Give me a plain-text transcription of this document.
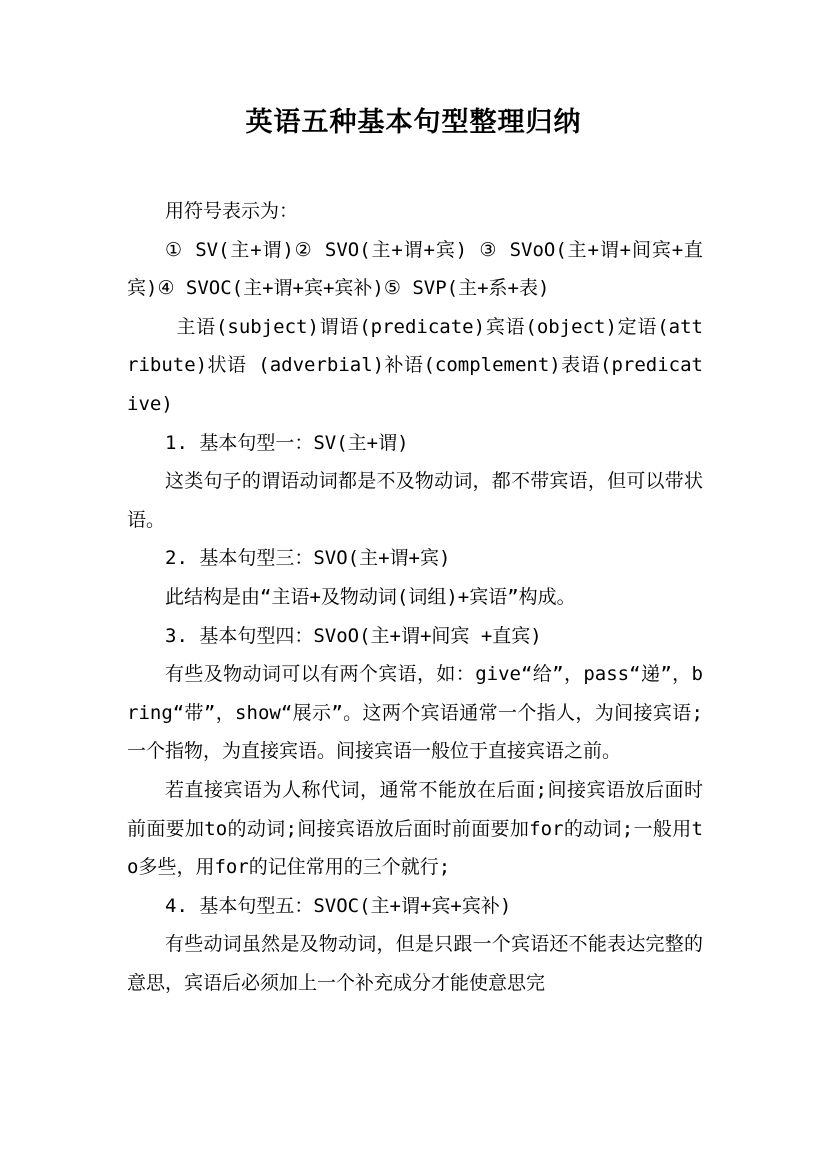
英语五种基本句型整理归纳

用符号表示为：

① SV(主+谓)② SVO(主+谓+宾) ③ SVoO(主+谓+间宾+直宾)④ SVOC(主+谓+宾+宾补)⑤ SVP(主+系+表)

主语(subject)谓语(predicate)宾语(object)定语(attribute)状语 (adverbial)补语(complement)表语(predicative)

1. 基本句型一：SV(主+谓)

这类句子的谓语动词都是不及物动词，都不带宾语，但可以带状语。

2. 基本句型三：SVO(主+谓+宾)

此结构是由“主语+及物动词(词组)+宾语”构成。

3. 基本句型四：SVoO(主+谓+间宾 +直宾)

有些及物动词可以有两个宾语，如：give“给”，pass“递”，bring“带”，show“展示”。这两个宾语通常一个指人，为间接宾语;一个指物，为直接宾语。间接宾语一般位于直接宾语之前。

若直接宾语为人称代词，通常不能放在后面;间接宾语放后面时前面要加to的动词;间接宾语放后面时前面要加for的动词;一般用to多些，用for的记住常用的三个就行;

4. 基本句型五：SVOC(主+谓+宾+宾补)

有些动词虽然是及物动词，但是只跟一个宾语还不能表达完整的意思，宾语后必须加上一个补充成分才能使意思完
